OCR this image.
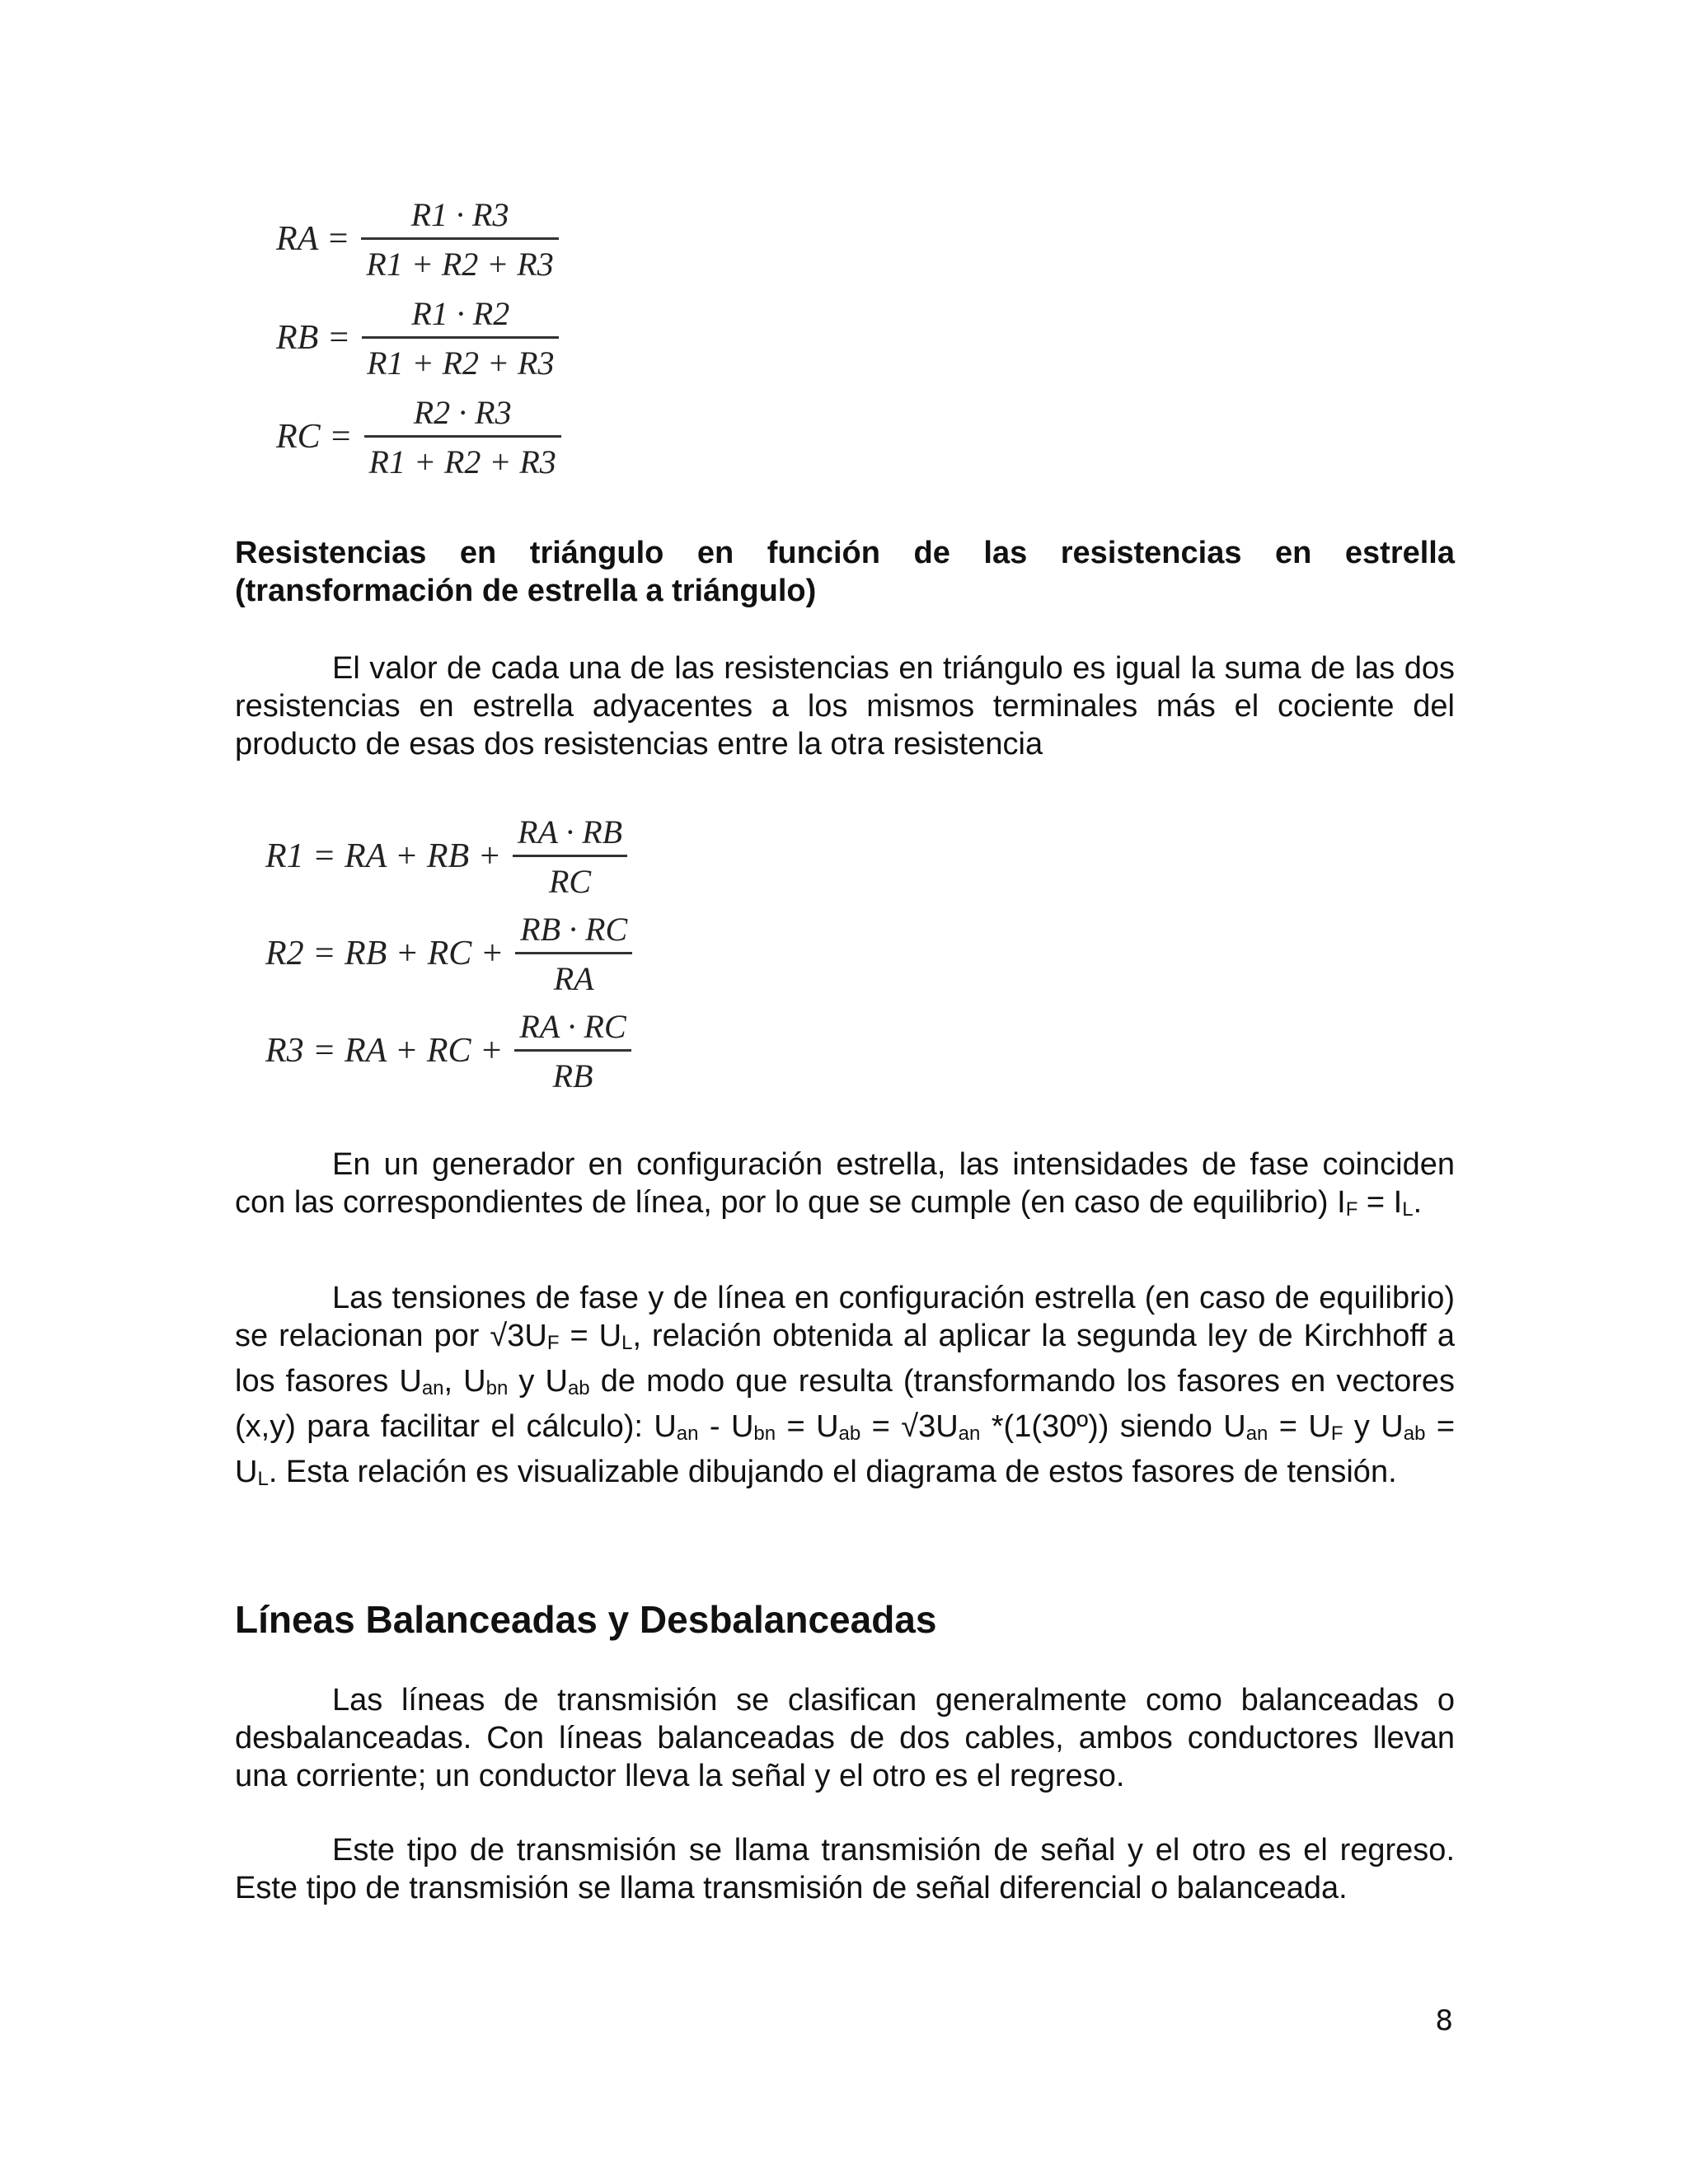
RA = $\frac{R1 \cdot R3}{R1 + R2 + R3}$
RB = $\frac{R1 \cdot R2}{R1 + R2 + R3}$
RC = $\frac{R2 \cdot R3}{R1 + R2 + R3}$
Resistencias en triángulo en función de las resistencias en estrella (transformación de estrella a triángulo)
El valor de cada una de las resistencias en triángulo es igual la suma de las dos resistencias en estrella adyacentes a los mismos terminales más el cociente del producto de esas dos resistencias entre la otra resistencia
R1 = RA + RB + $\frac{RA \cdot RB}{RC}$
R2 = RB + RC + $\frac{RB \cdot RC}{RA}$
R3 = RA + RC + $\frac{RA \cdot RC}{RB}$
En un generador en configuración estrella, las intensidades de fase coinciden con las correspondientes de línea, por lo que se cumple (en caso de equilibrio) $I_F = I_L$.
Las tensiones de fase y de línea en configuración estrella (en caso de equilibrio) se relacionan por $√3U_F = U_L$, relación obtenida al aplicar la segunda ley de Kirchhoff a los fasores $U_{an}$, $U_{bn}$ y $U_{ab}$ de modo que resulta (transformando los fasores en vectores (x,y) para facilitar el cálculo): $U_{an} - U_{bn} = U_{ab} = √3U_{an}$ *(1(30º)) siendo $U_{an} = U_F$ y $U_{ab} = U_L$. Esta relación es visualizable dibujando el diagrama de estos fasores de tensión.
Líneas Balanceadas y Desbalanceadas
Las líneas de transmisión se clasifican generalmente como balanceadas o desbalanceadas. Con líneas balanceadas de dos cables, ambos conductores llevan una corriente; un conductor lleva la señal y el otro es el regreso.
Este tipo de transmisión se llama transmisión de señal y el otro es el regreso. Este tipo de transmisión se llama transmisión de señal diferencial o balanceada.
8
